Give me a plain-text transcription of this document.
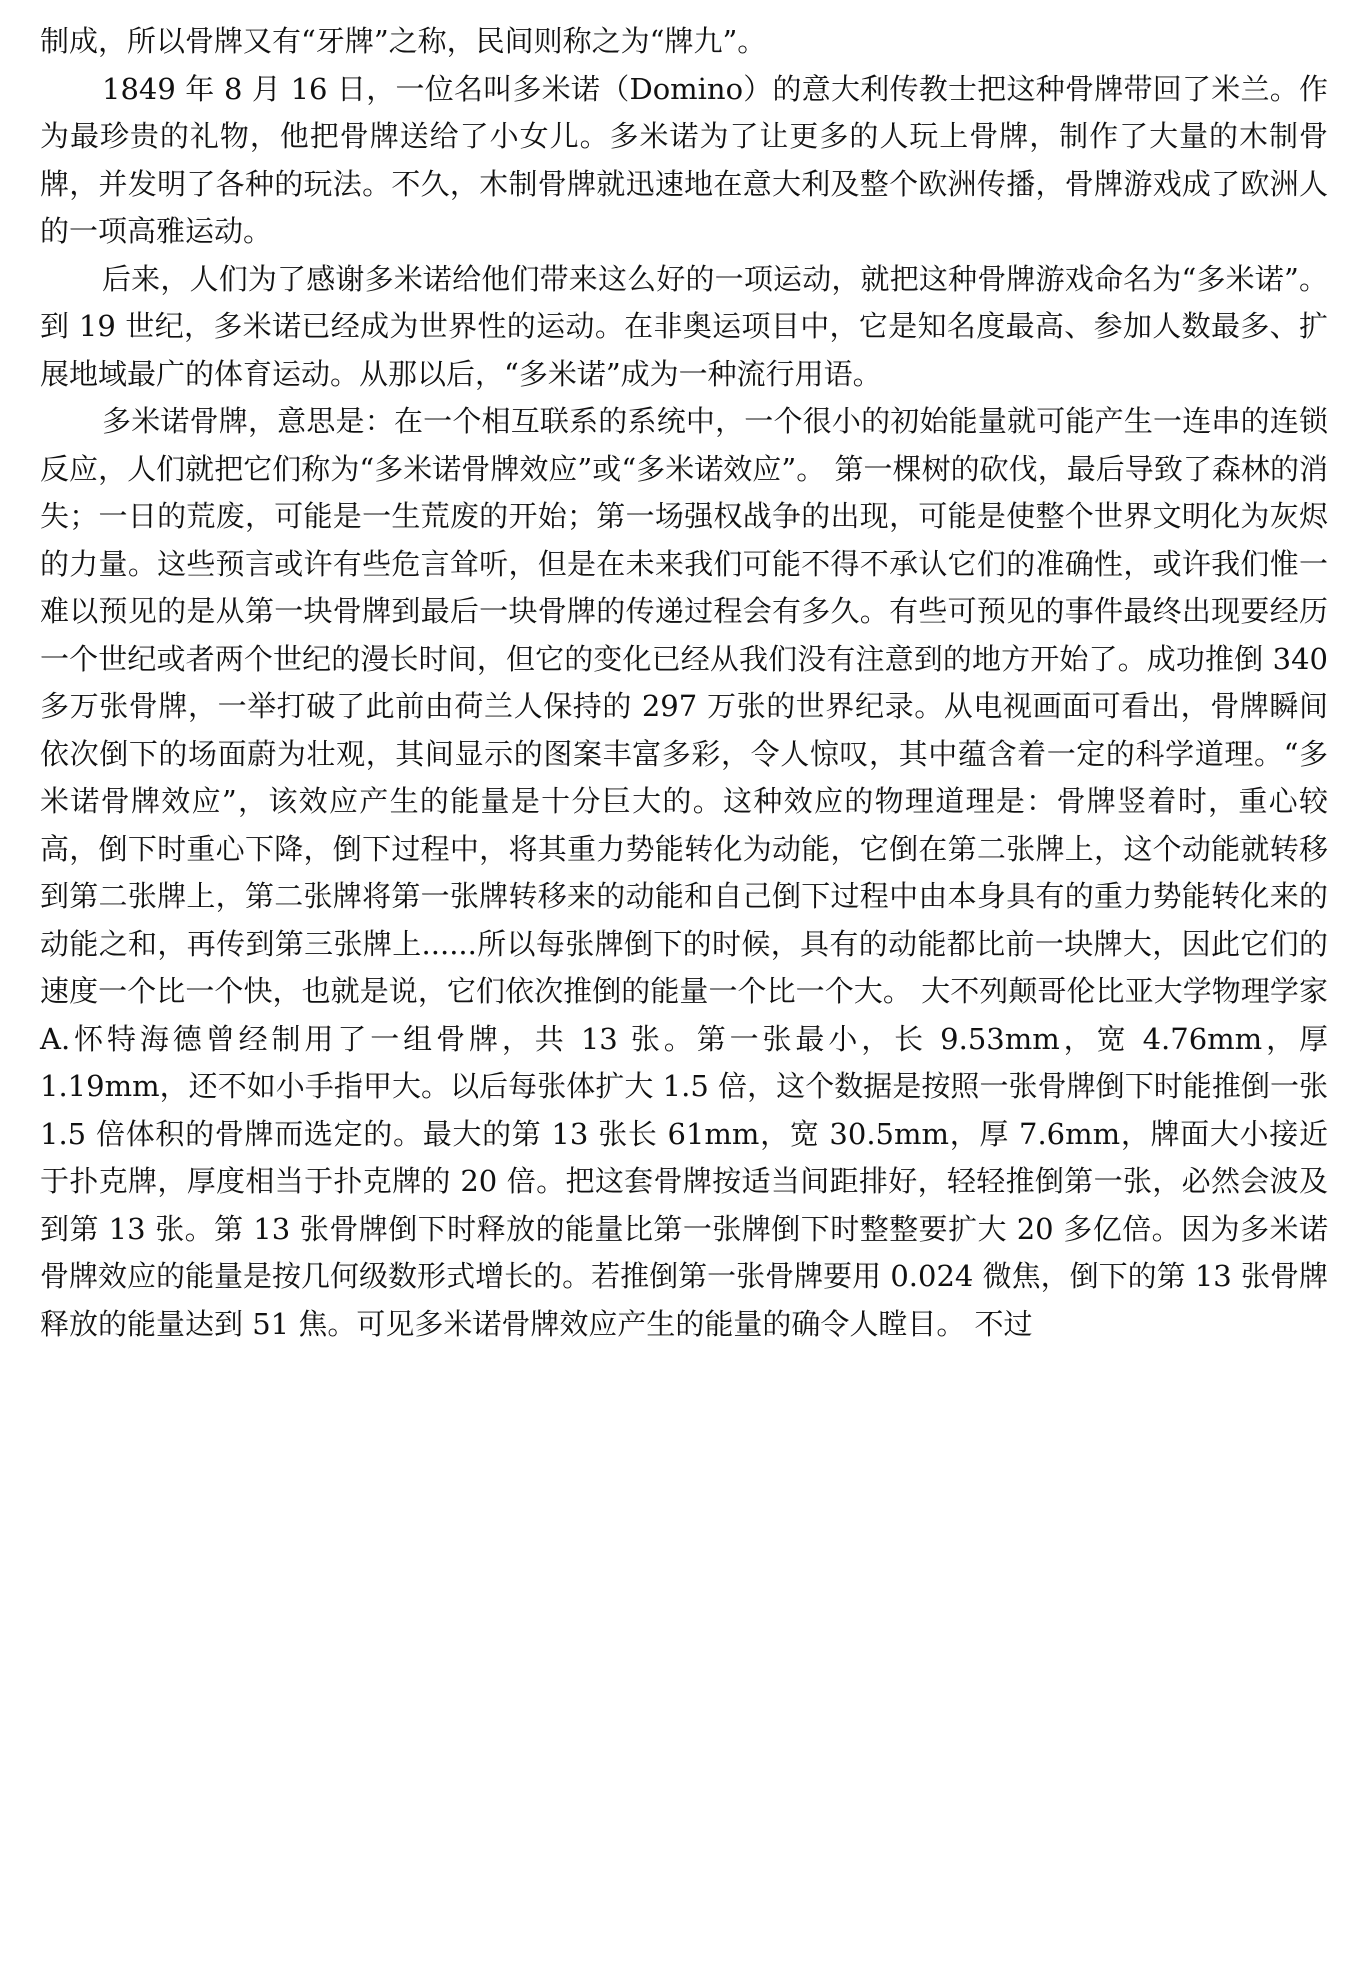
制成，所以骨牌又有“牙牌”之称，民间则称之为“牌九”。

1849 年 8 月 16 日，一位名叫多米诺（Domino）的意大利传教士把这种骨牌带回了米兰。作为最珍贵的礼物，他把骨牌送给了小女儿。多米诺为了让更多的人玩上骨牌，制作了大量的木制骨牌，并发明了各种的玩法。不久，木制骨牌就迅速地在意大利及整个欧洲传播，骨牌游戏成了欧洲人的一项高雅运动。

后来，人们为了感谢多米诺给他们带来这么好的一项运动，就把这种骨牌游戏命名为“多米诺”。到 19 世纪，多米诺已经成为世界性的运动。在非奥运项目中，它是知名度最高、参加人数最多、扩展地域最广的体育运动。从那以后，“多米诺”成为一种流行用语。

多米诺骨牌，意思是：在一个相互联系的系统中，一个很小的初始能量就可能产生一连串的连锁反应，人们就把它们称为“多米诺骨牌效应”或“多米诺效应”。 第一棵树的砍伐，最后导致了森林的消失；一日的荒废，可能是一生荒废的开始；第一场强权战争的出现，可能是使整个世界文明化为灰烬的力量。这些预言或许有些危言耸听，但是在未来我们可能不得不承认它们的准确性，或许我们惟一难以预见的是从第一块骨牌到最后一块骨牌的传递过程会有多久。有些可预见的事件最终出现要经历一个世纪或者两个世纪的漫长时间，但它的变化已经从我们没有注意到的地方开始了。成功推倒 340 多万张骨牌，一举打破了此前由荷兰人保持的 297 万张的世界纪录。从电视画面可看出，骨牌瞬间依次倒下的场面蔚为壮观，其间显示的图案丰富多彩，令人惊叹，其中蕴含着一定的科学道理。“多米诺骨牌效应”，该效应产生的能量是十分巨大的。这种效应的物理道理是：骨牌竖着时，重心较高，倒下时重心下降，倒下过程中，将其重力势能转化为动能，它倒在第二张牌上，这个动能就转移到第二张牌上，第二张牌将第一张牌转移来的动能和自己倒下过程中由本身具有的重力势能转化来的动能之和，再传到第三张牌上......所以每张牌倒下的时候，具有的动能都比前一块牌大，因此它们的速度一个比一个快，也就是说，它们依次推倒的能量一个比一个大。 大不列颠哥伦比亚大学物理学家 A.怀特海德曾经制用了一组骨牌，共 13 张。第一张最小，长 9.53mm，宽 4.76mm，厚 1.19mm，还不如小手指甲大。以后每张体扩大 1.5 倍，这个数据是按照一张骨牌倒下时能推倒一张 1.5 倍体积的骨牌而选定的。最大的第 13 张长 61mm，宽 30.5mm，厚 7.6mm，牌面大小接近于扑克牌，厚度相当于扑克牌的 20 倍。把这套骨牌按适当间距排好，轻轻推倒第一张，必然会波及到第 13 张。第 13 张骨牌倒下时释放的能量比第一张牌倒下时整整要扩大 20 多亿倍。因为多米诺骨牌效应的能量是按几何级数形式增长的。若推倒第一张骨牌要用 0.024 微焦，倒下的第 13 张骨牌释放的能量达到 51 焦。可见多米诺骨牌效应产生的能量的确令人瞠目。 不过
